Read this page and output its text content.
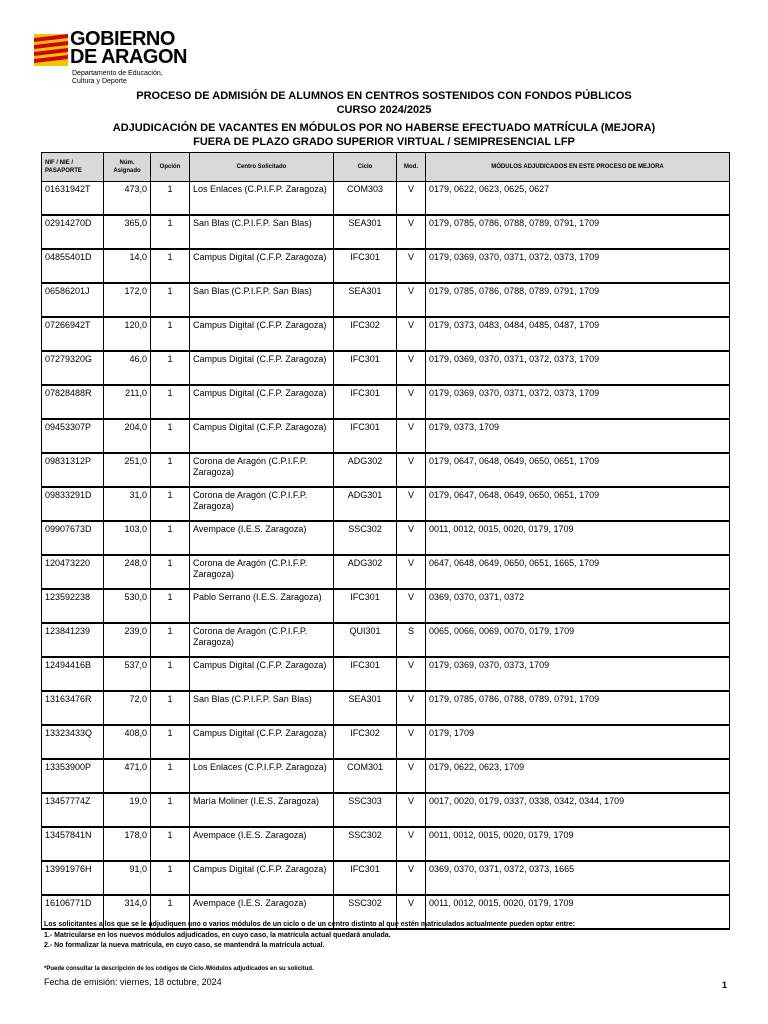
GOBIERNO
DE ARAGON
Departamento de Educación,
Cultura y Deporte
PROCESO DE ADMISIÓN DE ALUMNOS EN CENTROS SOSTENIDOS CON FONDOS PÚBLICOS
CURSO 2024/2025
ADJUDICACIÓN DE VACANTES EN MÓDULOS POR NO HABERSE EFECTUADO MATRÍCULA (MEJORA)
FUERA DE PLAZO GRADO SUPERIOR VIRTUAL / SEMIPRESENCIAL LFP
NIF / NIE / PASAPORTE	Núm. Asignado	Opción	Centro Solicitado	Ciclo	Mod.	MÓDULOS ADJUDICADOS EN ESTE PROCESO DE MEJORA
01631942T	473,0	1	Los Enlaces (C.P.I.F.P. Zaragoza)	COM303	V	0179, 0622, 0623, 0625, 0627
02914270D	365,0	1	San Blas (C.P.I.F.P. San Blas)	SEA301	V	0179, 0785, 0786, 0788, 0789, 0791, 1709
04855401D	14,0	1	Campus Digital (C.F.P. Zaragoza)	IFC301	V	0179, 0369, 0370, 0371, 0372, 0373, 1709
06586201J	172,0	1	San Blas (C.P.I.F.P. San Blas)	SEA301	V	0179, 0785, 0786, 0788, 0789, 0791, 1709
07266942T	120,0	1	Campus Digital (C.F.P. Zaragoza)	IFC302	V	0179, 0373, 0483, 0484, 0485, 0487, 1709
07279320G	46,0	1	Campus Digital (C.F.P. Zaragoza)	IFC301	V	0179, 0369, 0370, 0371, 0372, 0373, 1709
07828488R	211,0	1	Campus Digital (C.F.P. Zaragoza)	IFC301	V	0179, 0369, 0370, 0371, 0372, 0373, 1709
09453307P	204,0	1	Campus Digital (C.F.P. Zaragoza)	IFC301	V	0179, 0373, 1709
09831312P	251,0	1	Corona de Aragón (C.P.I.F.P. Zaragoza)	ADG302	V	0179, 0647, 0648, 0649, 0650, 0651, 1709
09833291D	31,0	1	Corona de Aragón (C.P.I.F.P. Zaragoza)	ADG301	V	0179, 0647, 0648, 0649, 0650, 0651, 1709
09907673D	103,0	1	Avempace (I.E.S. Zaragoza)	SSC302	V	0011, 0012, 0015, 0020, 0179, 1709
120473220	248,0	1	Corona de Aragón (C.P.I.F.P. Zaragoza)	ADG302	V	0647, 0648, 0649, 0650, 0651, 1665, 1709
123592238	530,0	1	Pablo Serrano (I.E.S. Zaragoza)	IFC301	V	0369, 0370, 0371, 0372
123841239	239,0	1	Corona de Aragón (C.P.I.F.P. Zaragoza)	QUI301	S	0065, 0066, 0069, 0070, 0179, 1709
12494416B	537,0	1	Campus Digital (C.F.P. Zaragoza)	IFC301	V	0179, 0369, 0370, 0373, 1709
13163476R	72,0	1	San Blas (C.P.I.F.P. San Blas)	SEA301	V	0179, 0785, 0786, 0788, 0789, 0791, 1709
13323433Q	408,0	1	Campus Digital (C.F.P. Zaragoza)	IFC302	V	0179, 1709
13353900P	471,0	1	Los Enlaces (C.P.I.F.P. Zaragoza)	COM301	V	0179, 0622, 0623, 1709
13457774Z	19,0	1	María Moliner (I.E.S. Zaragoza)	SSC303	V	0017, 0020, 0179, 0337, 0338, 0342, 0344, 1709
13457841N	178,0	1	Avempace (I.E.S. Zaragoza)	SSC302	V	0011, 0012, 0015, 0020, 0179, 1709
13991976H	91,0	1	Campus Digital (C.F.P. Zaragoza)	IFC301	V	0369, 0370, 0371, 0372, 0373, 1665
16106771D	314,0	1	Avempace (I.E.S. Zaragoza)	SSC302	V	0011, 0012, 0015, 0020, 0179, 1709
Los solicitantes a los que se le adjudiquen uno o varios módulos de un ciclo o de un centro distinto al que estén matriculados actualmente pueden optar entre:
1.- Matricularse en los nuevos módulos adjudicados, en cuyo caso, la matrícula actual quedará anulada.
2.- No formalizar la nueva matrícula, en cuyo caso, se mantendrá la matrícula actual.
*Puede consultar la descripción de los códigos de Ciclo /Módulos adjudicados en su solicitud.
Fecha de emisión: viernes, 18 octubre, 2024	1
